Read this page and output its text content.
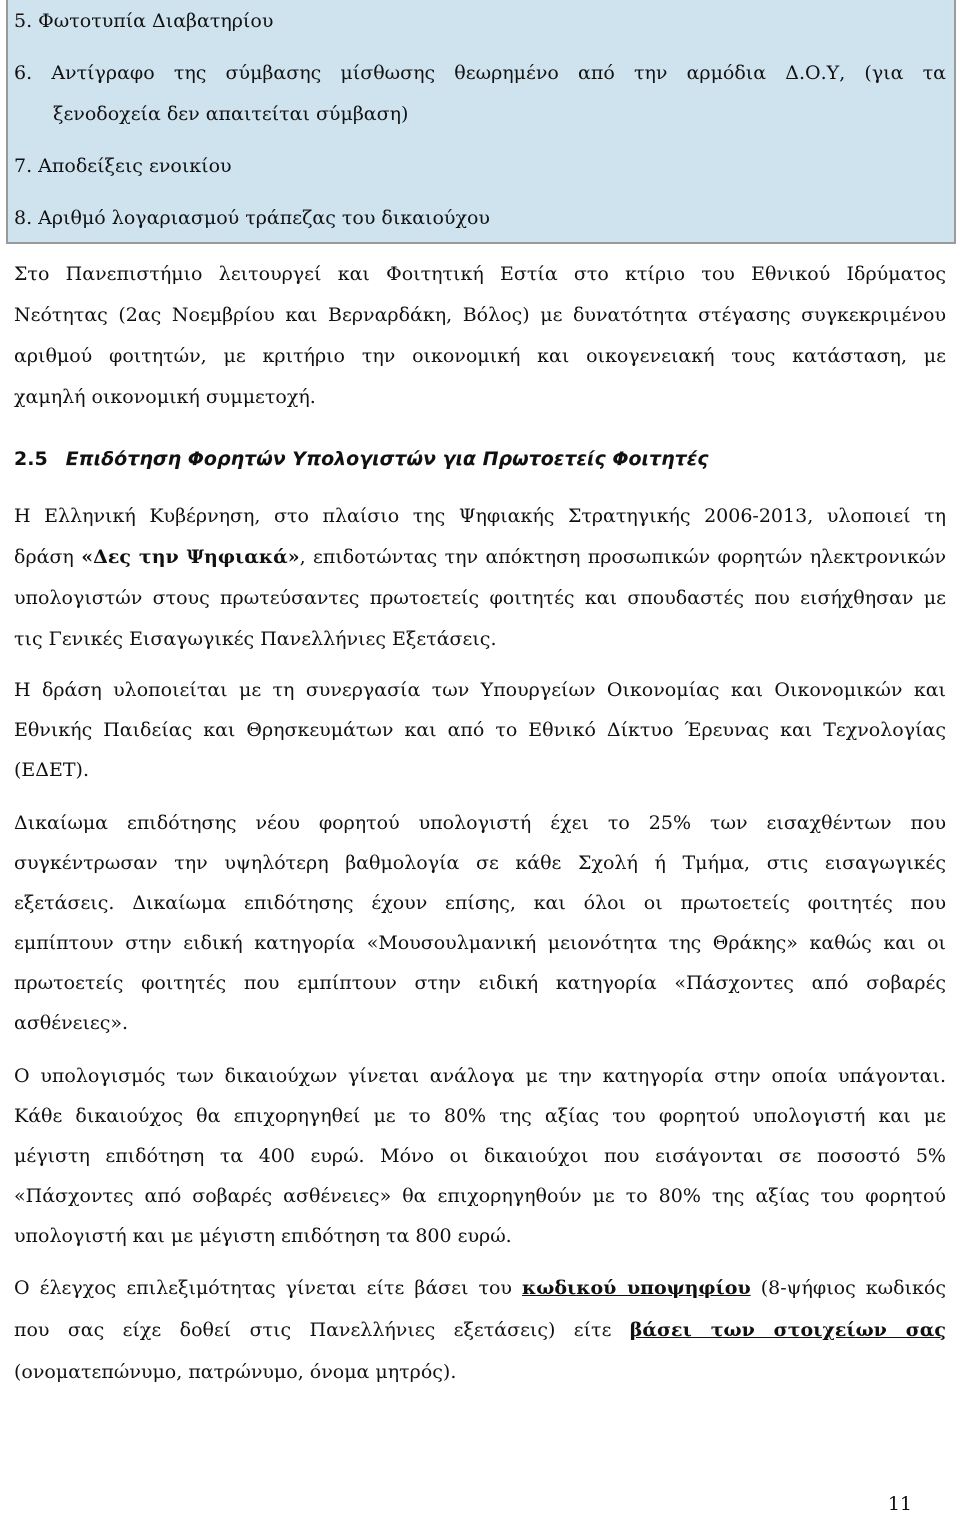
5. Φωτοτυπία Διαβατηρίου
6. Αντίγραφο της σύμβασης μίσθωσης θεωρημένο από την αρμόδια Δ.Ο.Υ, (για τα
ξενοδοχεία δεν απαιτείται σύμβαση)
7. Αποδείξεις ενοικίου
8. Αριθμό λογαριασμού τράπεζας του δικαιούχου
Στο Πανεπιστήμιο λειτουργεί και Φοιτητική Εστία στο κτίριο του Εθνικού Ιδρύματος
Νεότητας (2ας Νοεμβρίου και Βερναρδάκη, Βόλος) με δυνατότητα στέγασης συγκεκριμένου
αριθμού φοιτητών, με κριτήριο την οικονομική και οικογενειακή τους κατάσταση, με
χαμηλή οικονομική συμμετοχή.
2.5 Επιδότηση Φορητών Υπολογιστών για Πρωτοετείς Φοιτητές
Η Ελληνική Κυβέρνηση, στο πλαίσιο της Ψηφιακής Στρατηγικής 2006-2013, υλοποιεί τη
δράση «Δες την Ψηφιακά», επιδοτώντας την απόκτηση προσωπικών φορητών ηλεκτρονικών
υπολογιστών στους πρωτεύσαντες πρωτοετείς φοιτητές και σπουδαστές που εισήχθησαν με
τις Γενικές Εισαγωγικές Πανελλήνιες Εξετάσεις.
Η δράση υλοποιείται με τη συνεργασία των Υπουργείων Οικονομίας και Οικονομικών και
Εθνικής Παιδείας και Θρησκευμάτων και από το Εθνικό Δίκτυο Έρευνας και Τεχνολογίας
(ΕΔΕΤ).
Δικαίωμα επιδότησης νέου φορητού υπολογιστή έχει το 25% των εισαχθέντων που
συγκέντρωσαν την υψηλότερη βαθμολογία σε κάθε Σχολή ή Τμήμα, στις εισαγωγικές
εξετάσεις. Δικαίωμα επιδότησης έχουν επίσης, και όλοι οι πρωτοετείς φοιτητές που
εμπίπτουν στην ειδική κατηγορία «Μουσουλμανική μειονότητα της Θράκης» καθώς και οι
πρωτοετείς φοιτητές που εμπίπτουν στην ειδική κατηγορία «Πάσχοντες από σοβαρές
ασθένειες».
Ο υπολογισμός των δικαιούχων γίνεται ανάλογα με την κατηγορία στην οποία υπάγονται.
Κάθε δικαιούχος θα επιχορηγηθεί με το 80% της αξίας του φορητού υπολογιστή και με
μέγιστη επιδότηση τα 400 ευρώ. Μόνο οι δικαιούχοι που εισάγονται σε ποσοστό 5%
«Πάσχοντες από σοβαρές ασθένειες» θα επιχορηγηθούν με το 80% της αξίας του φορητού
υπολογιστή και με μέγιστη επιδότηση τα 800 ευρώ.
Ο έλεγχος επιλεξιμότητας γίνεται είτε βάσει του κωδικού υποψηφίου (8-ψήφιος κωδικός
που σας είχε δοθεί στις Πανελλήνιες εξετάσεις) είτε βάσει των στοιχείων σας
(ονοματεπώνυμο, πατρώνυμο, όνομα μητρός).
11
